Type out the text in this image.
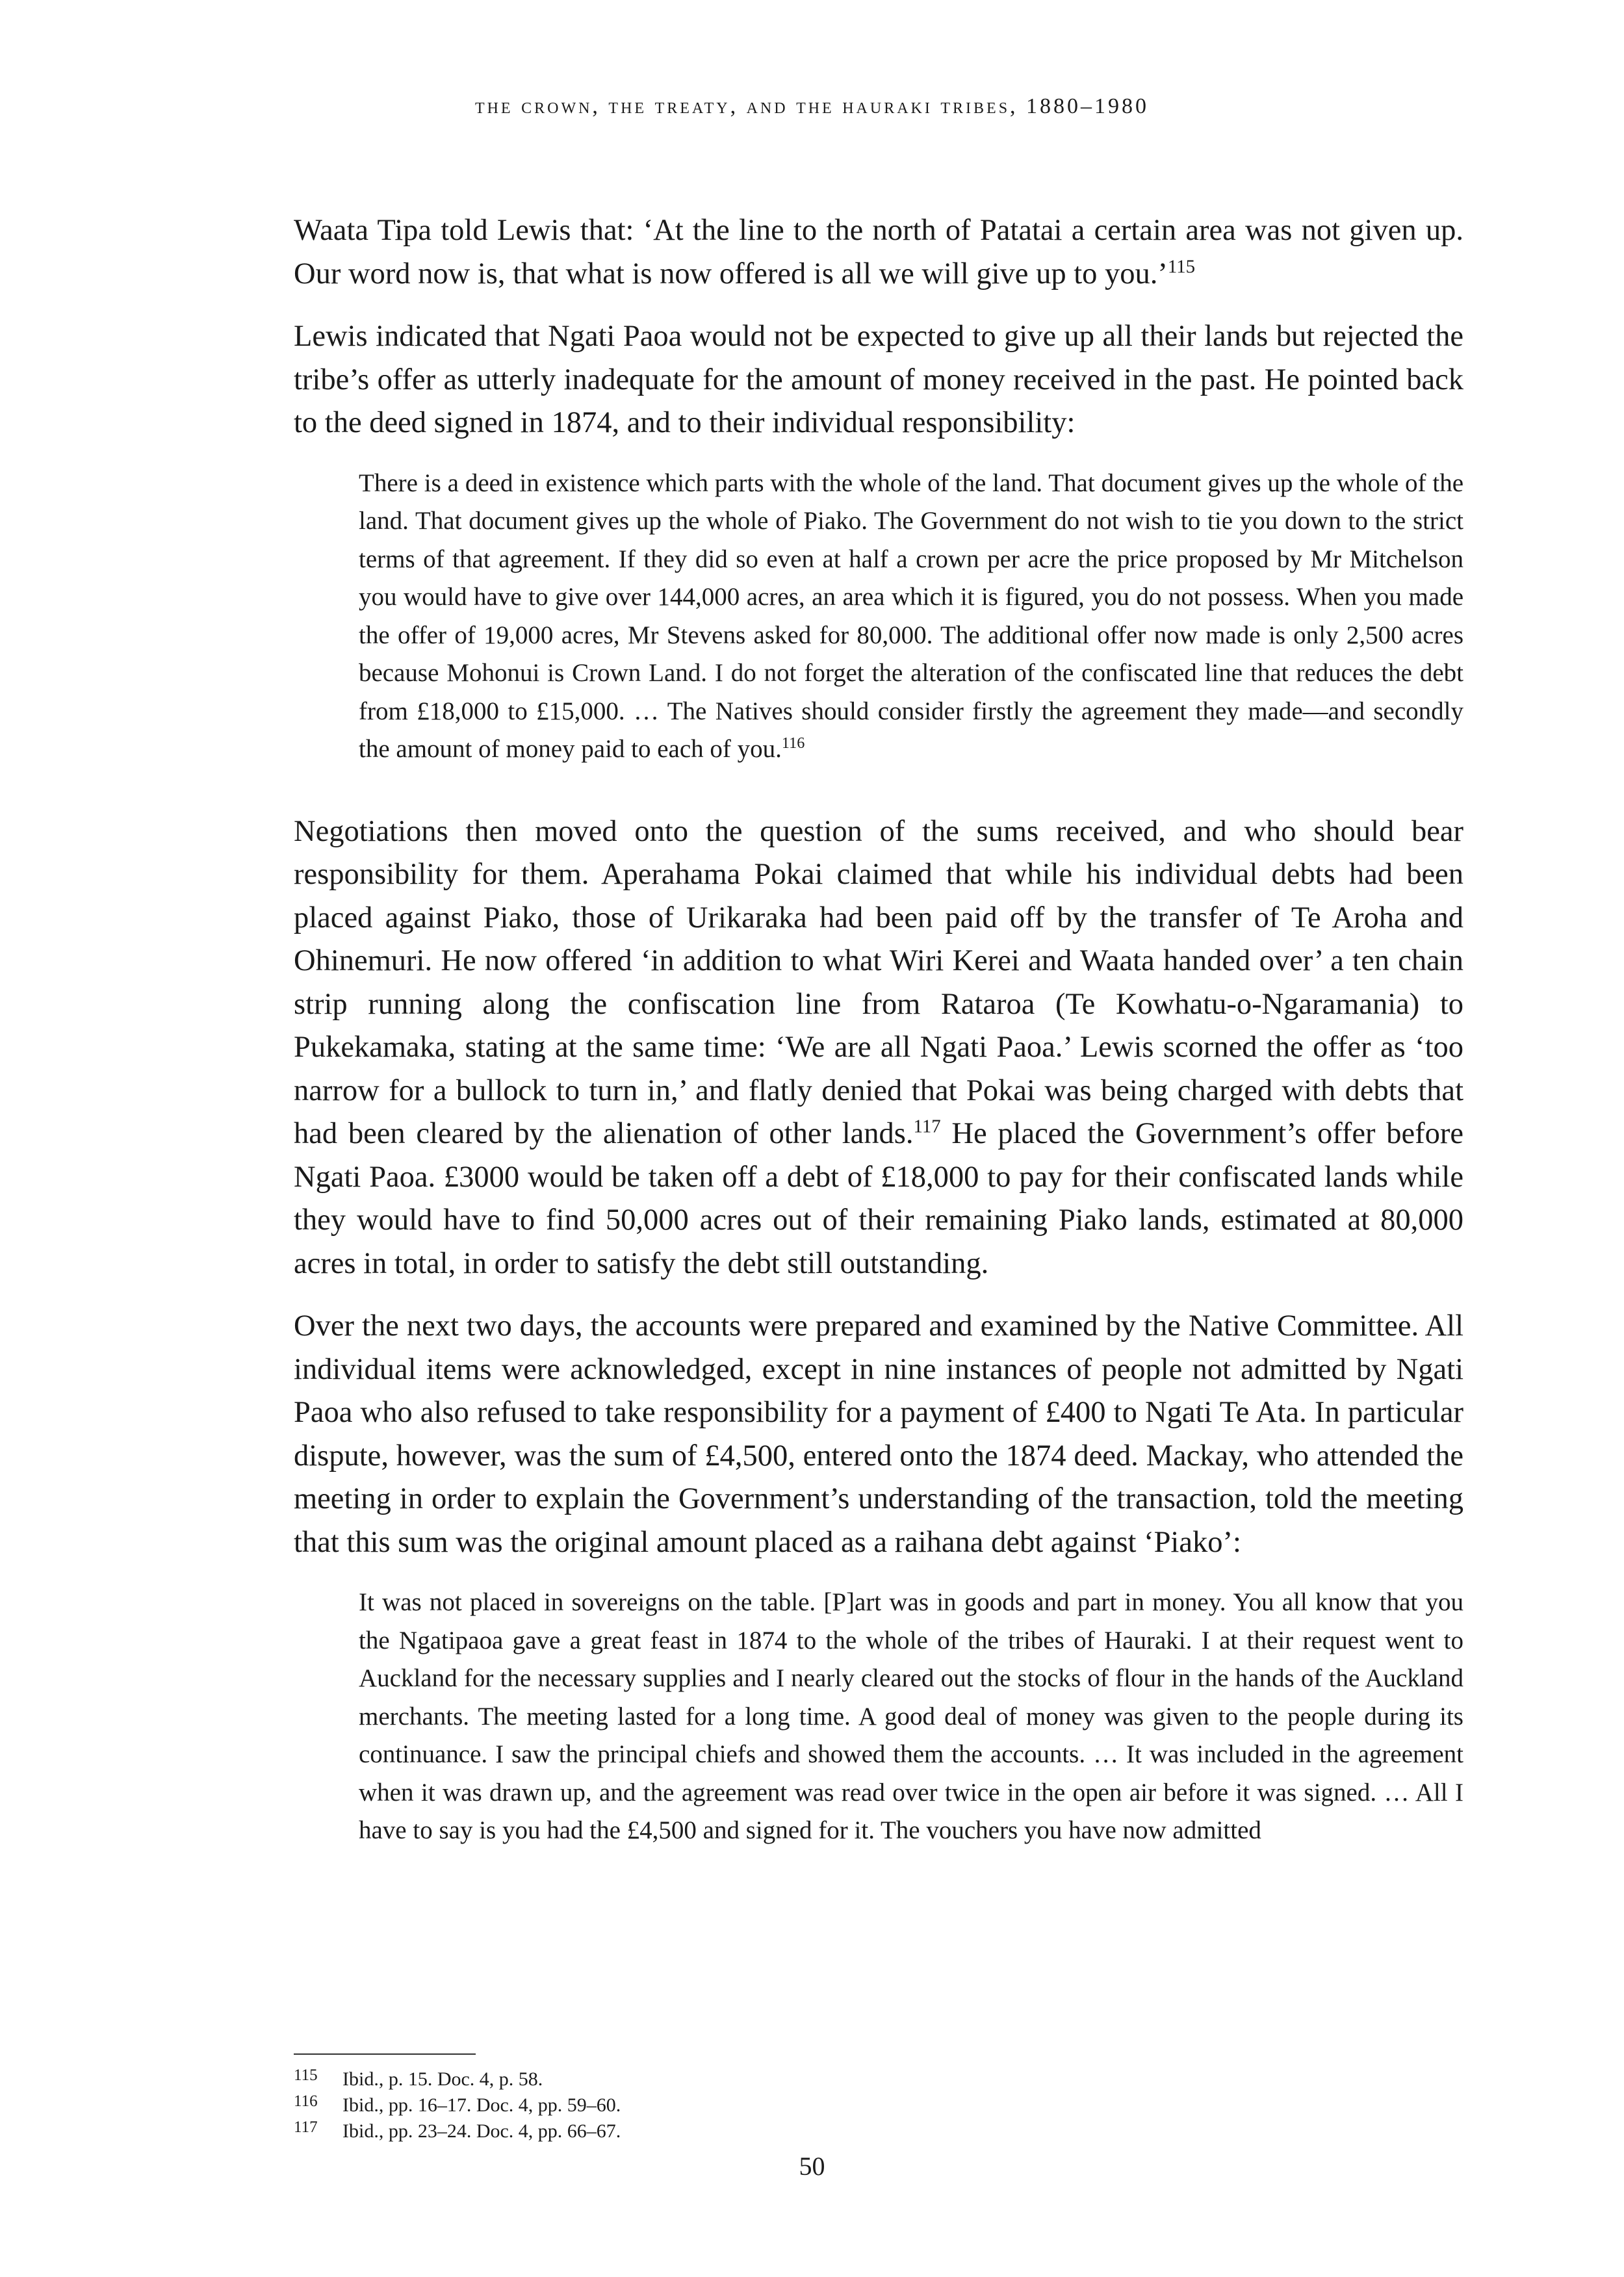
the crown, the treaty, and the hauraki tribes, 1880–1980

Waata Tipa told Lewis that: ‘At the line to the north of Patatai a certain area was not given up. Our word now is, that what is now offered is all we will give up to you.’$^{115}$

Lewis indicated that Ngati Paoa would not be expected to give up all their lands but rejected the tribe’s offer as utterly inadequate for the amount of money received in the past. He pointed back to the deed signed in 1874, and to their individual responsibility:

There is a deed in existence which parts with the whole of the land. That document gives up the whole of the land. That document gives up the whole of Piako. The Government do not wish to tie you down to the strict terms of that agreement. If they did so even at half a crown per acre the price proposed by Mr Mitchelson you would have to give over 144,000 acres, an area which it is figured, you do not possess. When you made the offer of 19,000 acres, Mr Stevens asked for 80,000. The additional offer now made is only 2,500 acres because Mohonui is Crown Land. I do not forget the alteration of the confiscated line that reduces the debt from £18,000 to £15,000. … The Natives should consider firstly the agreement they made—and secondly the amount of money paid to each of you.$^{116}$

Negotiations then moved onto the question of the sums received, and who should bear responsibility for them. Aperahama Pokai claimed that while his individual debts had been placed against Piako, those of Urikaraka had been paid off by the transfer of Te Aroha and Ohinemuri. He now offered ‘in addition to what Wiri Kerei and Waata handed over’ a ten chain strip running along the confiscation line from Rataroa (Te Kowhatu-o-Ngaramania) to Pukekamaka, stating at the same time: ‘We are all Ngati Paoa.’ Lewis scorned the offer as ‘too narrow for a bullock to turn in,’ and flatly denied that Pokai was being charged with debts that had been cleared by the alienation of other lands.$^{117}$ He placed the Government’s offer before Ngati Paoa. £3000 would be taken off a debt of £18,000 to pay for their confiscated lands while they would have to find 50,000 acres out of their remaining Piako lands, estimated at 80,000 acres in total, in order to satisfy the debt still outstanding.

Over the next two days, the accounts were prepared and examined by the Native Committee. All individual items were acknowledged, except in nine instances of people not admitted by Ngati Paoa who also refused to take responsibility for a payment of £400 to Ngati Te Ata. In particular dispute, however, was the sum of £4,500, entered onto the 1874 deed. Mackay, who attended the meeting in order to explain the Government’s understanding of the transaction, told the meeting that this sum was the original amount placed as a raihana debt against ‘Piako’:

It was not placed in sovereigns on the table. [P]art was in goods and part in money. You all know that you the Ngatipaoa gave a great feast in 1874 to the whole of the tribes of Hauraki. I at their request went to Auckland for the necessary supplies and I nearly cleared out the stocks of flour in the hands of the Auckland merchants. The meeting lasted for a long time. A good deal of money was given to the people during its continuance. I saw the principal chiefs and showed them the accounts. … It was included in the agreement when it was drawn up, and the agreement was read over twice in the open air before it was signed. … All I have to say is you had the £4,500 and signed for it. The vouchers you have now admitted
115	Ibid., p. 15. Doc. 4, p. 58.
116	Ibid., pp. 16–17. Doc. 4, pp. 59–60.
117	Ibid., pp. 23–24. Doc. 4, pp. 66–67.
50
